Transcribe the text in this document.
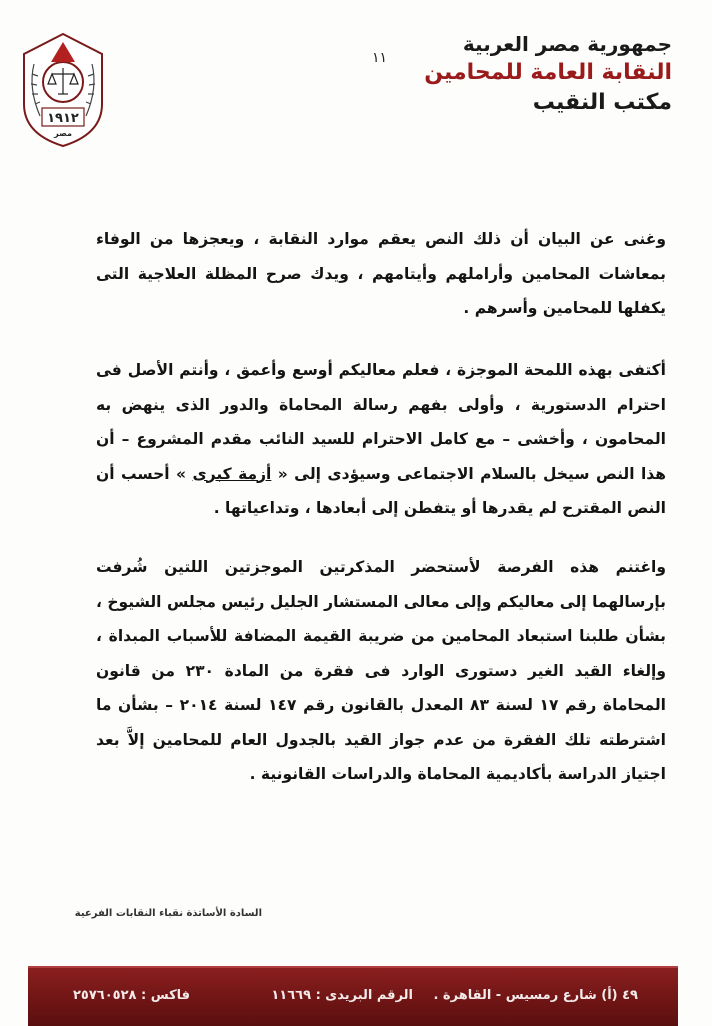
١٩١٢
مصر
١١
جمهورية مصر العربية
النقابة العامة للمحامين
مكتب النقيب
وغنى عن البيان أن ذلك النص يعقم موارد النقابة ، ويعجزها من الوفاء بمعاشات المحامين وأراملهم وأيتامهم ، ويدك صرح المظلة العلاجية التى يكفلها للمحامين وأسرهم .
أكتفى بهذه اللمحة الموجزة ، فعلم معاليكم أوسع وأعمق ، وأنتم الأصل فى احترام الدستورية ، وأولى بفهم رسالة المحاماة والدور الذى ينهض به المحامون ، وأخشى – مع كامل الاحترام للسيد النائب مقدم المشروع – أن هذا النص سيخل بالسلام الاجتماعى وسيؤدى إلى « أزمة كبرى » أحسب أن النص المقترح لم يقدرها أو يتفطن إلى أبعادها ، وتداعياتها .
واغتنم هذه الفرصة لأستحضر المذكرتين الموجزتين اللتين شُرفت بإرسالهما إلى معاليكم وإلى معالى المستشار الجليل رئيس مجلس الشيوخ ، بشأن طلبنا استبعاد المحامين من ضريبة القيمة المضافة للأسباب المبداة ، وإلغاء القيد الغير دستورى الوارد فى فقرة من المادة ٢٣٠ من قانون المحاماة رقم ١٧ لسنة ٨٣ المعدل بالقانون رقم ١٤٧ لسنة ٢٠١٤ – بشأن ما اشترطته تلك الفقرة من عدم جواز القيد بالجدول العام للمحامين إلاَّ بعد اجتياز الدراسة بأكاديمية المحاماة والدراسات القانونية .
السادة الأساتذة نقباء النقابات الفرعية
٤٩ (أ) شارع رمسيس - القاهرة .
الرقم البريدى : ١١٦٦٩
فاكس : ٢٥٧٦٠٥٢٨
